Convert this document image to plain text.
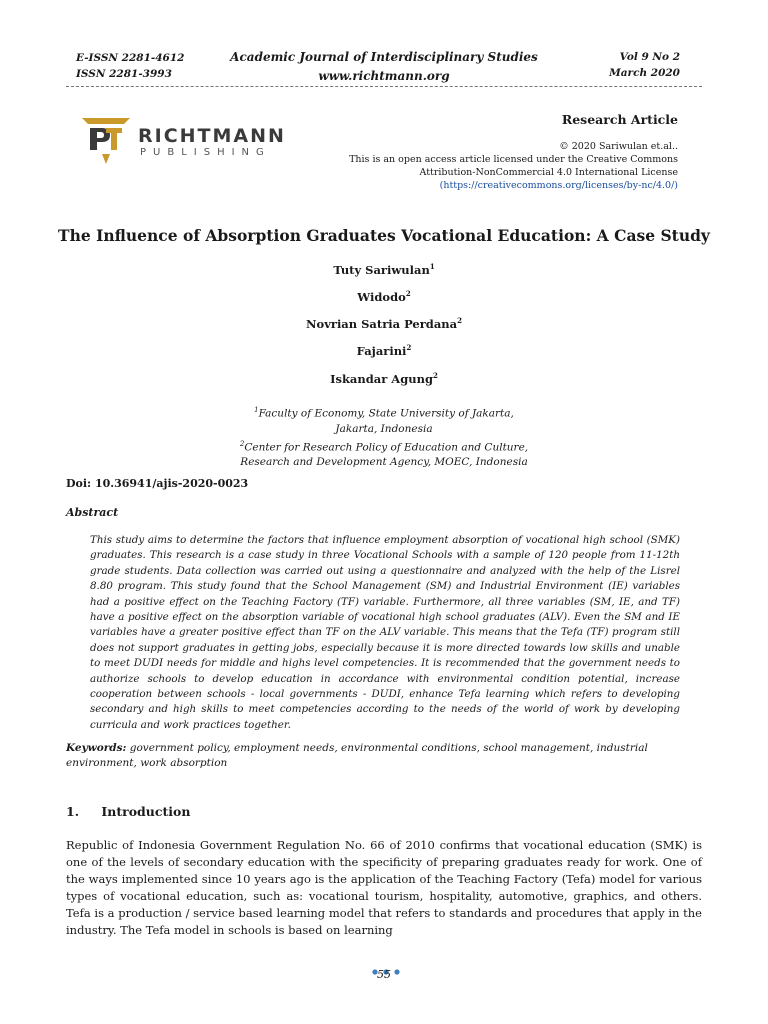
E-ISSN 2281-4612
ISSN 2281-3993
Academic Journal of Interdisciplinary Studies
www.richtmann.org
Vol 9 No 2
March 2020
RICHTMANN
PUBLISHING
Research Article
© 2020 Sariwulan et.al..
This is an open access article licensed under the Creative Commons
Attribution-NonCommercial 4.0 International License
(https://creativecommons.org/licenses/by-nc/4.0/)
The Influence of Absorption Graduates Vocational Education: A Case Study
Tuty Sariwulan$^1$
Widodo$^2$
Novrian Satria Perdana$^2$
Fajarini$^2$
Iskandar Agung$^2$
$^1$Faculty of Economy, State University of Jakarta,
Jakarta, Indonesia
$^2$Center for Research Policy of Education and Culture,
Research and Development Agency, MOEC, Indonesia
Doi: 10.36941/ajis-2020-0023
Abstract
This study aims to determine the factors that influence employment absorption of vocational high school (SMK) graduates. This research is a case study in three Vocational Schools with a sample of 120 people from 11-12th grade students. Data collection was carried out using a questionnaire and analyzed with the help of the Lisrel 8.80 program. This study found that the School Management (SM) and Industrial Environment (IE) variables had a positive effect on the Teaching Factory (TF) variable. Furthermore, all three variables (SM, IE, and TF) have a positive effect on the absorption variable of vocational high school graduates (ALV). Even the SM and IE variables have a greater positive effect than TF on the ALV variable. This means that the Tefa (TF) program still does not support graduates in getting jobs, especially because it is more directed towards low skills and unable to meet DUDI needs for middle and highs level competencies. It is recommended that the government needs to authorize schools to develop education in accordance with environmental condition potential, increase cooperation between schools - local governments - DUDI, enhance Tefa learning which refers to developing secondary and high skills to meet competencies according to the needs of the world of work by developing curricula and work practices together.
Keywords: government policy, employment needs, environmental conditions, school management, industrial environment, work absorption
1. Introduction
Republic of Indonesia Government Regulation No. 66 of 2010 confirms that vocational education (SMK) is one of the levels of secondary education with the specificity of preparing graduates ready for work. One of the ways implemented since 10 years ago is the application of the Teaching Factory (Tefa) model for various types of vocational education, such as: vocational tourism, hospitality, automotive, graphics, and others. Tefa is a production / service based learning model that refers to standards and procedures that apply in the industry. The Tefa model in schools is based on learning
55
